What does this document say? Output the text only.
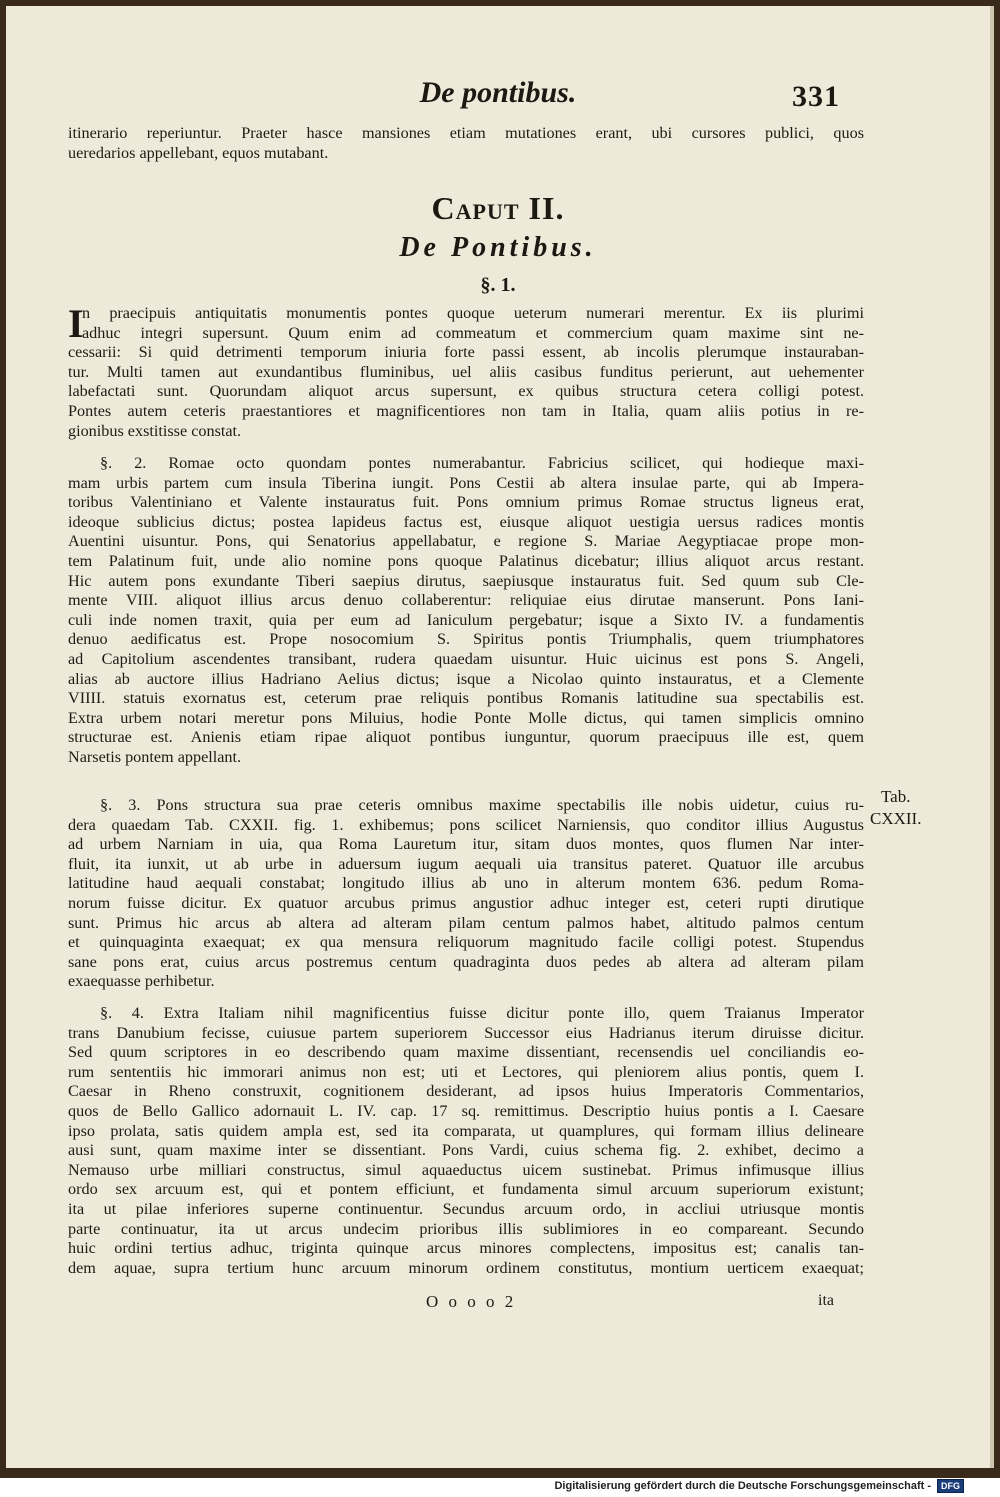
De pontibus.	331
itinerario reperiuntur. Praeter hasce mansiones etiam mutationes erant, ubi cursores publici, quos
ueredarios appellebant, equos mutabant.
Caput II.
De Pontibus.
§. 1.
n praecipuis antiquitatis monumentis pontes quoque ueterum numerari merentur. Ex iis plurimi
adhuc integri supersunt. Quum enim ad commeatum et commercium quam maxime sint ne-
cessarii: Si quid detrimenti temporum iniuria forte passi essent, ab incolis plerumque instauraban-
tur. Multi tamen aut exundantibus fluminibus, uel aliis casibus funditus perierunt, aut uehementer
labefactati sunt. Quorundam aliquot arcus supersunt, ex quibus structura cetera colligi potest.
Pontes autem ceteris praestantiores et magnificentiores non tam in Italia, quam aliis potius in re-
gionibus exstitisse constat.
I
§. 2. Romae octo quondam pontes numerabantur. Fabricius scilicet, qui hodieque maxi-
mam urbis partem cum insula Tiberina iungit. Pons Cestii ab altera insulae parte, qui ab Impera-
toribus Valentiniano et Valente instauratus fuit. Pons omnium primus Romae structus ligneus erat,
ideoque sublicius dictus; postea lapideus factus est, eiusque aliquot uestigia uersus radices montis
Auentini uisuntur. Pons, qui Senatorius appellabatur, e regione S. Mariae Aegyptiacae prope mon-
tem Palatinum fuit, unde alio nomine pons quoque Palatinus dicebatur; illius aliquot arcus restant.
Hic autem pons exundante Tiberi saepius dirutus, saepiusque instauratus fuit. Sed quum sub Cle-
mente VIII. aliquot illius arcus denuo collaberentur: reliquiae eius dirutae manserunt. Pons Iani-
culi inde nomen traxit, quia per eum ad Ianiculum pergebatur; isque a Sixto IV. a fundamentis
denuo aedificatus est. Prope nosocomium S. Spiritus pontis Triumphalis, quem triumphatores
ad Capitolium ascendentes transibant, rudera quaedam uisuntur. Huic uicinus est pons S. Angeli,
alias ab auctore illius Hadriano Aelius dictus; isque a Nicolao quinto instauratus, et a Clemente
VIIII. statuis exornatus est, ceterum prae reliquis pontibus Romanis latitudine sua spectabilis est.
Extra urbem notari meretur pons Miluius, hodie Ponte Molle dictus, qui tamen simplicis omnino
structurae est. Anienis etiam ripae aliquot pontibus iunguntur, quorum praecipuus ille est, quem
Narsetis pontem appellant.
§. 3. Pons structura sua prae ceteris omnibus maxime spectabilis ille nobis uidetur, cuius ru-
dera quaedam Tab. CXXII. fig. 1. exhibemus; pons scilicet Narniensis, quo conditor illius Augustus
ad urbem Narniam in uia, qua Roma Lauretum itur, sitam duos montes, quos flumen Nar inter-
fluit, ita iunxit, ut ab urbe in aduersum iugum aequali uia transitus pateret. Quatuor ille arcubus
latitudine haud aequali constabat; longitudo illius ab uno in alterum montem 636. pedum Roma-
norum fuisse dicitur. Ex quatuor arcubus primus angustior adhuc integer est, ceteri rupti dirutique
sunt. Primus hic arcus ab altera ad alteram pilam centum palmos habet, altitudo palmos centum
et quinquaginta exaequat; ex qua mensura reliquorum magnitudo facile colligi potest. Stupendus
sane pons erat, cuius arcus postremus centum quadraginta duos pedes ab altera ad alteram pilam
exaequasse perhibetur.
Tab.
CXXII.
§. 4. Extra Italiam nihil magnificentius fuisse dicitur ponte illo, quem Traianus Imperator
trans Danubium fecisse, cuiusue partem superiorem Successor eius Hadrianus iterum diruisse dicitur.
Sed quum scriptores in eo describendo quam maxime dissentiant, recensendis uel conciliandis eo-
rum sententiis hic immorari animus non est; uti et Lectores, qui pleniorem alius pontis, quem I.
Caesar in Rheno construxit, cognitionem desiderant, ad ipsos huius Imperatoris Commentarios,
quos de Bello Gallico adornauit L. IV. cap. 17 sq. remittimus. Descriptio huius pontis a I. Caesare
ipso prolata, satis quidem ampla est, sed ita comparata, ut quamplures, qui formam illius delineare
ausi sunt, quam maxime inter se dissentiant. Pons Vardi, cuius schema fig. 2. exhibet, decimo a
Nemauso urbe milliari constructus, simul aquaeductus uicem sustinebat. Primus infimusque illius
ordo sex arcuum est, qui et pontem efficiunt, et fundamenta simul arcuum superiorum existunt;
ita ut pilae inferiores superne continuentur. Secundus arcuum ordo, in accliui utriusque montis
parte continuatur, ita ut arcus undecim prioribus illis sublimiores in eo compareant. Secundo
huic ordini tertius adhuc, triginta quinque arcus minores complectens, impositus est; canalis tan-
dem aquae, supra tertium hunc arcuum minorum ordinem constitutus, montium uerticem exaequat;
O o o o 2	ita
Digitalisierung gefördert durch die Deutsche Forschungsgemeinschaft -	DFG
